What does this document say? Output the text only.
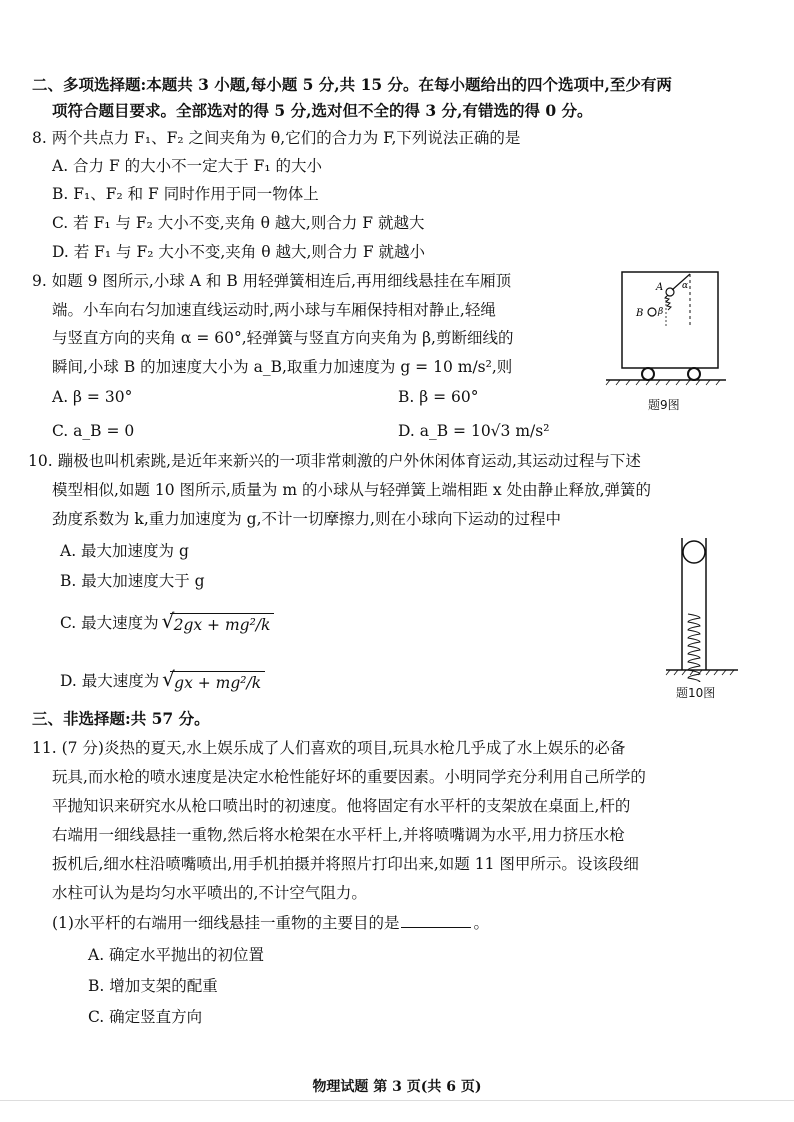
二、多项选择题:本题共 3 小题,每小题 5 分,共 15 分。在每小题给出的四个选项中,至少有两
项符合题目要求。全部选对的得 5 分,选对但不全的得 3 分,有错选的得 0 分。
8. 两个共点力 F₁、F₂ 之间夹角为 θ,它们的合力为 F,下列说法正确的是
A. 合力 F 的大小不一定大于 F₁ 的大小
B. F₁、F₂ 和 F 同时作用于同一物体上
C. 若 F₁ 与 F₂ 大小不变,夹角 θ 越大,则合力 F 就越大
D. 若 F₁ 与 F₂ 大小不变,夹角 θ 越大,则合力 F 就越小
9. 如题 9 图所示,小球 A 和 B 用轻弹簧相连后,再用细线悬挂在车厢顶
端。小车向右匀加速直线运动时,两小球与车厢保持相对静止,轻绳
与竖直方向的夹角 α = 60°,轻弹簧与竖直方向夹角为 β,剪断细线的
瞬间,小球 B 的加速度大小为 a_B,取重力加速度为 g = 10 m/s²,则
A. β = 30°	B. β = 60°
C. a_B = 0	D. a_B = 10√3 m/s²
A
B
α
β
题9图
10. 蹦极也叫机索跳,是近年来新兴的一项非常刺激的户外休闲体育运动,其运动过程与下述
模型相似,如题 10 图所示,质量为 m 的小球从与轻弹簧上端相距 x 处由静止释放,弹簧的
劲度系数为 k,重力加速度为 g,不计一切摩擦力,则在小球向下运动的过程中
A. 最大加速度为 g
B. 最大加速度大于 g
C. 最大速度为 √ 2gx + mg²/k
D. 最大速度为 √ gx + mg²/k
题10图
三、非选择题:共 57 分。
11. (7 分)炎热的夏天,水上娱乐成了人们喜欢的项目,玩具水枪几乎成了水上娱乐的必备
玩具,而水枪的喷水速度是决定水枪性能好坏的重要因素。小明同学充分利用自己所学的
平抛知识来研究水从枪口喷出时的初速度。他将固定有水平杆的支架放在桌面上,杆的
右端用一细线悬挂一重物,然后将水枪架在水平杆上,并将喷嘴调为水平,用力挤压水枪
扳机后,细水柱沿喷嘴喷出,用手机拍摄并将照片打印出来,如题 11 图甲所示。设该段细
水柱可认为是均匀水平喷出的,不计空气阻力。
(1)水平杆的右端用一细线悬挂一重物的主要目的是	。
A. 确定水平抛出的初位置
B. 增加支架的配重
C. 确定竖直方向
物理试题 第 3 页(共 6 页)
